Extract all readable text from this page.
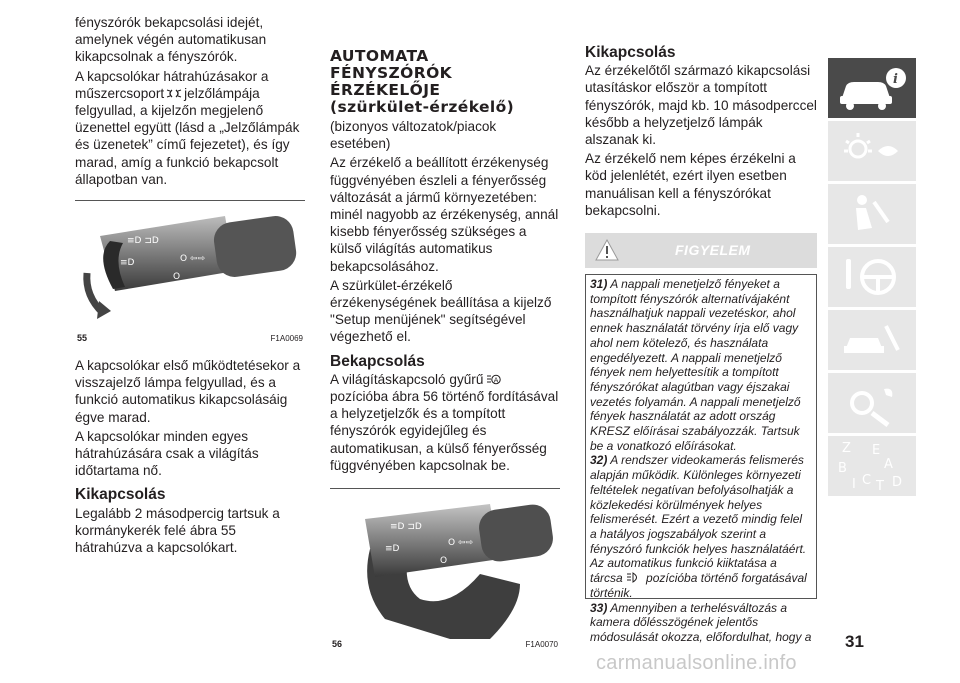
fényszórók bekapcsolási idejét, amelynek végén automatikusan kikapcsolnak a fényszórók.

A kapcsolókar hátrahúzásakor a műszercsoport jelzőlámpája felgyullad, a kijelzőn megjelenő üzenettel együtt (lásd a „Jelzőlámpák és üzenetek” című fejezetet), és így marad, amíg a funkció bekapcsolt állapotban van.

≡D ⊐D
≡D	O ⇦⇨
O
55	F1A0069

A kapcsolókar első működtetésekor a visszajelző lámpa felgyullad, és a funkció automatikus kikapcsolásáig égve marad.

A kapcsolókar minden egyes hátrahúzására csak a világítás időtartama nő.

Kikapcsolás

Legalább 2 másodpercig tartsuk a kormánykerék felé ábra 55 hátrahúzva a kapcsolókart.

AUTOMATA
FÉNYSZÓRÓK
ÉRZÉKELŐJE
(szürkület-érzékelő)

(bizonyos változatok/piacok esetében)

Az érzékelő a beállított érzékenység függvényében észleli a fényerősség változását a jármű környezetében: minél nagyobb az érzékenység, annál kisebb fényerősség szükséges a külső világítás automatikus bekapcsolásához.

A szürkület-érzékelő érzékenységének beállítása a kijelző "Setup menüjének" segítségével végezhető el.

Bekapcsolás

A világításkapcsoló gyűrű A
pozícióba ábra 56 történő fordításával a helyzetjelzők és a tompított fényszórók egyidejűleg és automatikusan, a külső fényerősség függvényében kapcsolnak be.

≡D ⊐D
≡D
O ⇦⇨
O
56	F1A0070
Kikapcsolás

Az érzékelőtől származó kikapcsolási utasításkor először a tompított fényszórók, majd kb. 10 másodperccel később a helyzetjelző lámpák alszanak ki.

Az érzékelő nem képes érzékelni a köd jelenlétét, ezért ilyen esetben manuálisan kell a fényszórókat bekapcsolni.

FIGYELEM

31) A nappali menetjelző fényeket a tompított fényszórók alternatívájaként használhatjuk nappali vezetéskor, ahol ennek használatát törvény írja elő vagy ahol nem kötelező, és használata engedélyezett. A nappali menetjelző fények nem helyettesítik a tompított fényszórókat alagútban vagy éjszakai vezetés folyamán. A nappali menetjelző fények használatát az adott ország KRESZ előírásai szabályozzák. Tartsuk be a vonatkozó előírásokat.

32) A rendszer videokamerás felismerés alapján működik. Különleges környezeti feltételek negatívan befolyásolhatják a közlekedési körülmények helyes felismerését. Ezért a vezető mindig felel a hatályos jogszabályok szerint a fényszóró funkciók helyes használatáért. Az automatikus funkció kiiktatása a tárcsa pozícióba történő forgatásával történik.

33) Amennyiben a terhelésváltozás a kamera dőlésszögének jelentős módosulását okozza, előfordulhat, hogy a

i
Z E
B	A
I C T D
31
carmanualsonline.info
